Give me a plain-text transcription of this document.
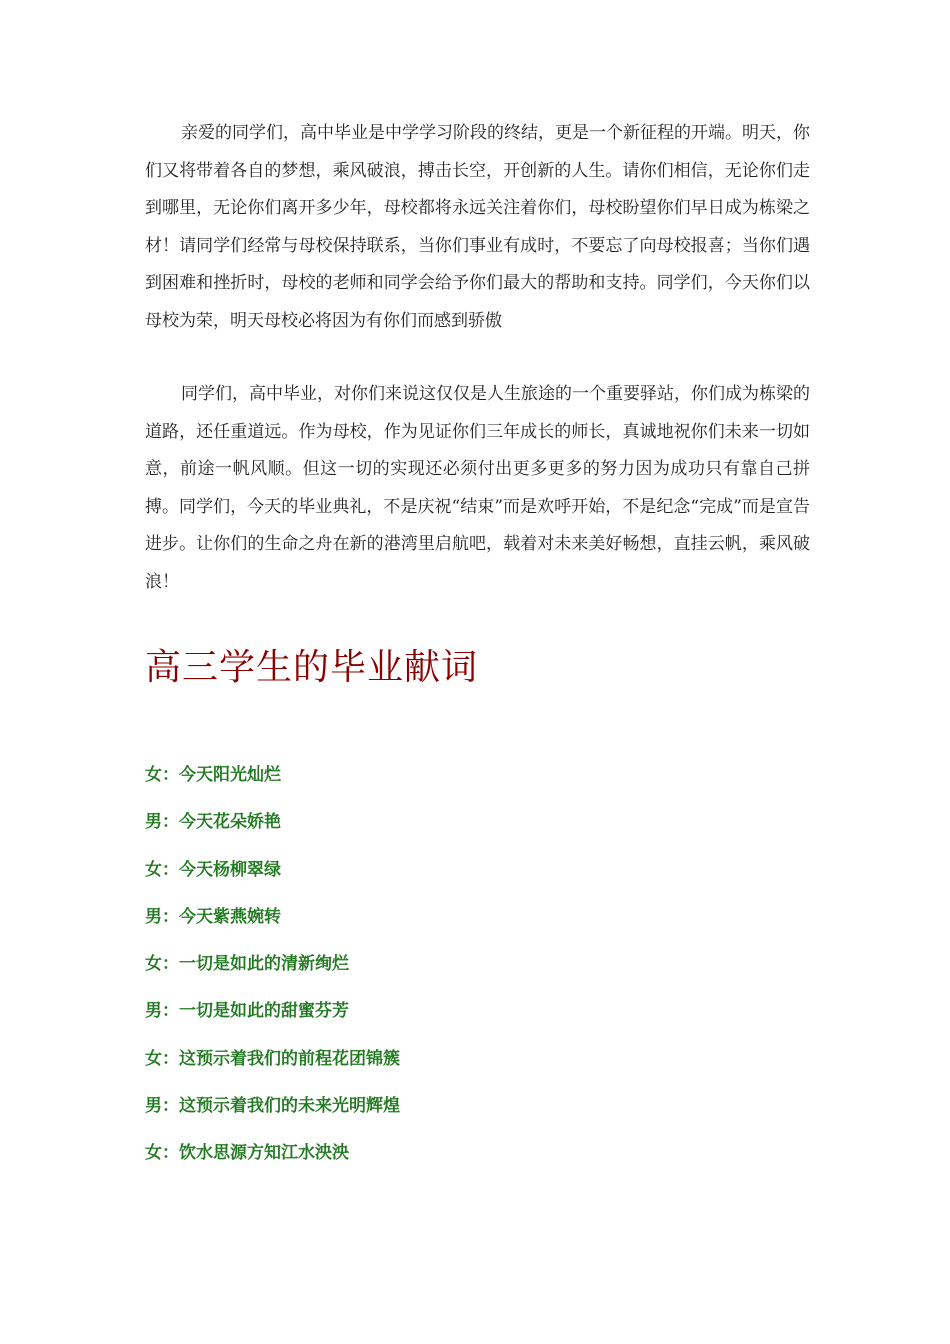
亲爱的同学们，高中毕业是中学学习阶段的终结，更是一个新征程的开端。明天，你们又将带着各自的梦想，乘风破浪，搏击长空，开创新的人生。请你们相信，无论你们走到哪里，无论你们离开多少年，母校都将永远关注着你们，母校盼望你们早日成为栋梁之材！请同学们经常与母校保持联系，当你们事业有成时，不要忘了向母校报喜；当你们遇到困难和挫折时，母校的老师和同学会给予你们最大的帮助和支持。同学们，今天你们以母校为荣，明天母校必将因为有你们而感到骄傲

同学们，高中毕业，对你们来说这仅仅是人生旅途的一个重要驿站，你们成为栋梁的道路，还任重道远。作为母校，作为见证你们三年成长的师长，真诚地祝你们未来一切如意，前途一帆风顺。但这一切的实现还必须付出更多更多的努力因为成功只有靠自己拼搏。同学们，今天的毕业典礼，不是庆祝“结束”而是欢呼开始，不是纪念“完成”而是宣告进步。让你们的生命之舟在新的港湾里启航吧，载着对未来美好畅想，直挂云帆，乘风破浪！

高三学生的毕业献词
女：今天阳光灿烂
男：今天花朵娇艳
女：今天杨柳翠绿
男：今天紫燕婉转
女：一切是如此的清新绚烂
男：一切是如此的甜蜜芬芳
女：这预示着我们的前程花团锦簇
男：这预示着我们的未来光明辉煌
女：饮水思源方知江水泱泱
